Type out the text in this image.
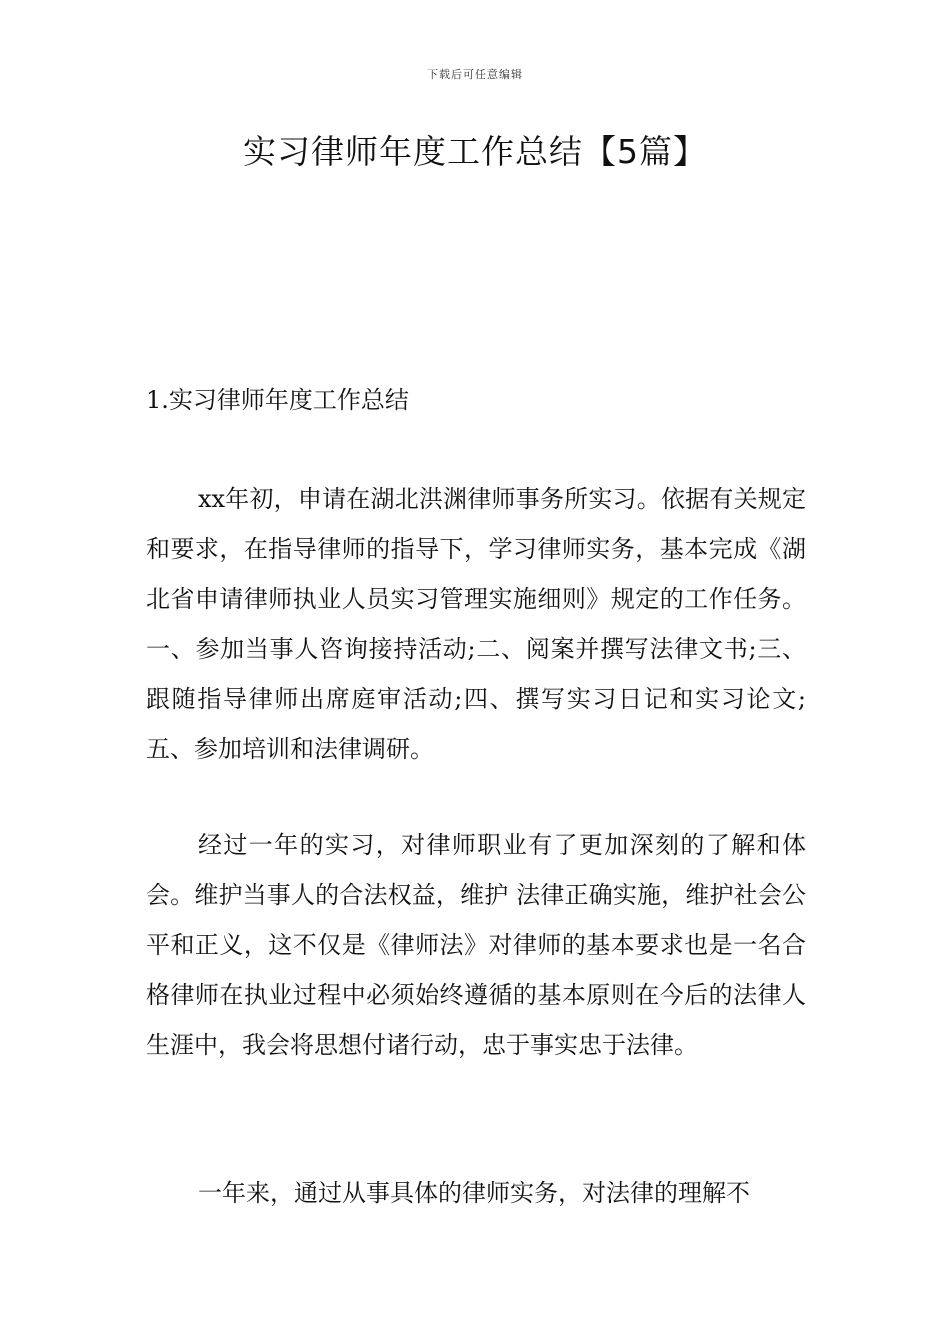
下载后可任意编辑
实习律师年度工作总结【5篇】
1.实习律师年度工作总结

xx年初，申请在湖北洪渊律师事务所实习。依据有关规定和要求，在指导律师的指导下，学习律师实务，基本完成《湖北省申请律师执业人员实习管理实施细则》规定的工作任务。一、参加当事人咨询接持活动;二、阅案并撰写法律文书;三、跟随指导律师出席庭审活动;四、撰写实习日记和实习论文;五、参加培训和法律调研。

经过一年的实习，对律师职业有了更加深刻的了解和体会。维护当事人的合法权益，维护 法律正确实施，维护社会公平和正义，这不仅是《律师法》对律师的基本要求也是一名合格律师在执业过程中必须始终遵循的基本原则在今后的法律人生涯中，我会将思想付诸行动，忠于事实忠于法律。

一年来，通过从事具体的律师实务，对法律的理解不
